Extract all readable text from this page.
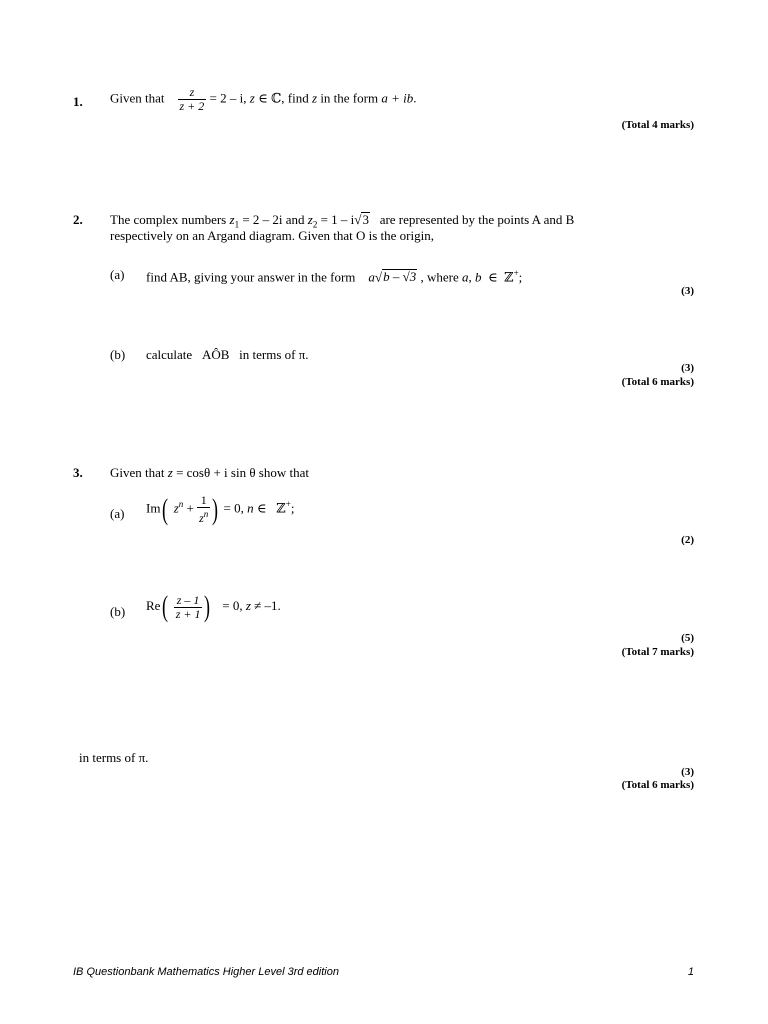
1. Given that $\frac{z}{z + 2} = 2 - i$, z ∈ ℂ, find z in the form a + ib.
(Total 4 marks)
2. The complex numbers $z_1 = 2 - 2i$ and $z_2 = 1 - i√3$ are represented by the points A and B
respectively on an Argand diagram. Given that O is the origin,
(a) find AB, giving your answer in the form a√b – √3 , where a, b ∈ ℤ+;
(3)
(b) calculate AÔB in terms of π.
(3)
(Total 6 marks)
3. Given that z = cosθ + i sin θ show that
(a) Im( $z^n + \frac{1}{z^n}$ ) = 0, n ∈ ℤ+;
(2)
(b) $Re( \frac{z - 1}{z + 1}$ ) = 0, z ≠ –1.
(5)
(Total 7 marks)
in terms of π.
(3)
(Total 6 marks)
IB Questionbank Mathematics Higher Level 3rd edition	1
